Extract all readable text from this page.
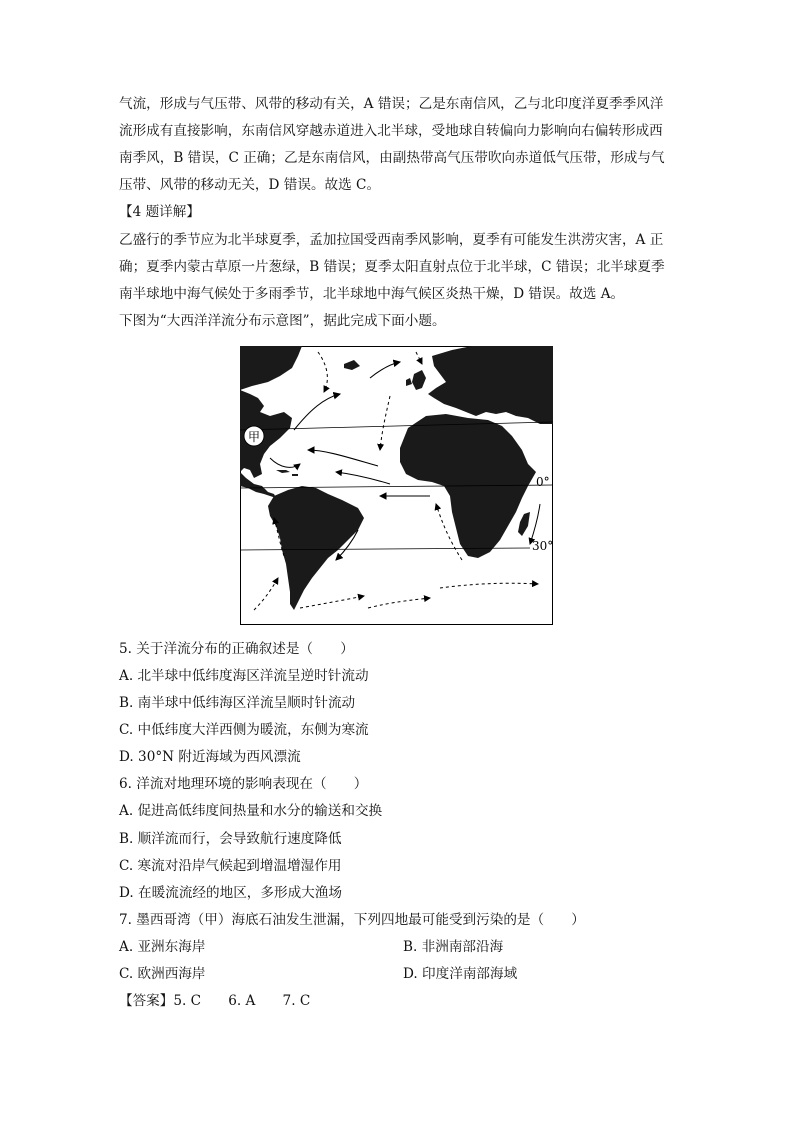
气流，形成与气压带、风带的移动有关，A 错误；乙是东南信风，乙与北印度洋夏季季风洋
流形成有直接影响，东南信风穿越赤道进入北半球，受地球自转偏向力影响向右偏转形成西
南季风，B 错误，C 正确；乙是东南信风，由副热带高气压带吹向赤道低气压带，形成与气
压带、风带的移动无关，D 错误。故选 C。
【4 题详解】
乙盛行的季节应为北半球夏季，孟加拉国受西南季风影响，夏季有可能发生洪涝灾害，A 正
确；夏季内蒙古草原一片葱绿，B 错误；夏季太阳直射点位于北半球，C 错误；北半球夏季
南半球地中海气候处于多雨季节，北半球地中海气候区炎热干燥，D 错误。故选 A。
下图为“大西洋洋流分布示意图”，据此完成下面小题。
甲
0°
30°
5. 关于洋流分布的正确叙述是（　　）
A. 北半球中低纬度海区洋流呈逆时针流动
B. 南半球中低纬海区洋流呈顺时针流动
C. 中低纬度大洋西侧为暖流，东侧为寒流
D. 30°N 附近海域为西风漂流
6. 洋流对地理环境的影响表现在（　　）
A. 促进高低纬度间热量和水分的输送和交换
B. 顺洋流而行，会导致航行速度降低
C. 寒流对沿岸气候起到增温增湿作用
D. 在暖流流经的地区，多形成大渔场
7. 墨西哥湾（甲）海底石油发生泄漏，下列四地最可能受到污染的是（　　）
A. 亚洲东海岸	B. 非洲南部沿海
C. 欧洲西海岸	D. 印度洋南部海域
【答案】5. C　　6. A　　7. C
